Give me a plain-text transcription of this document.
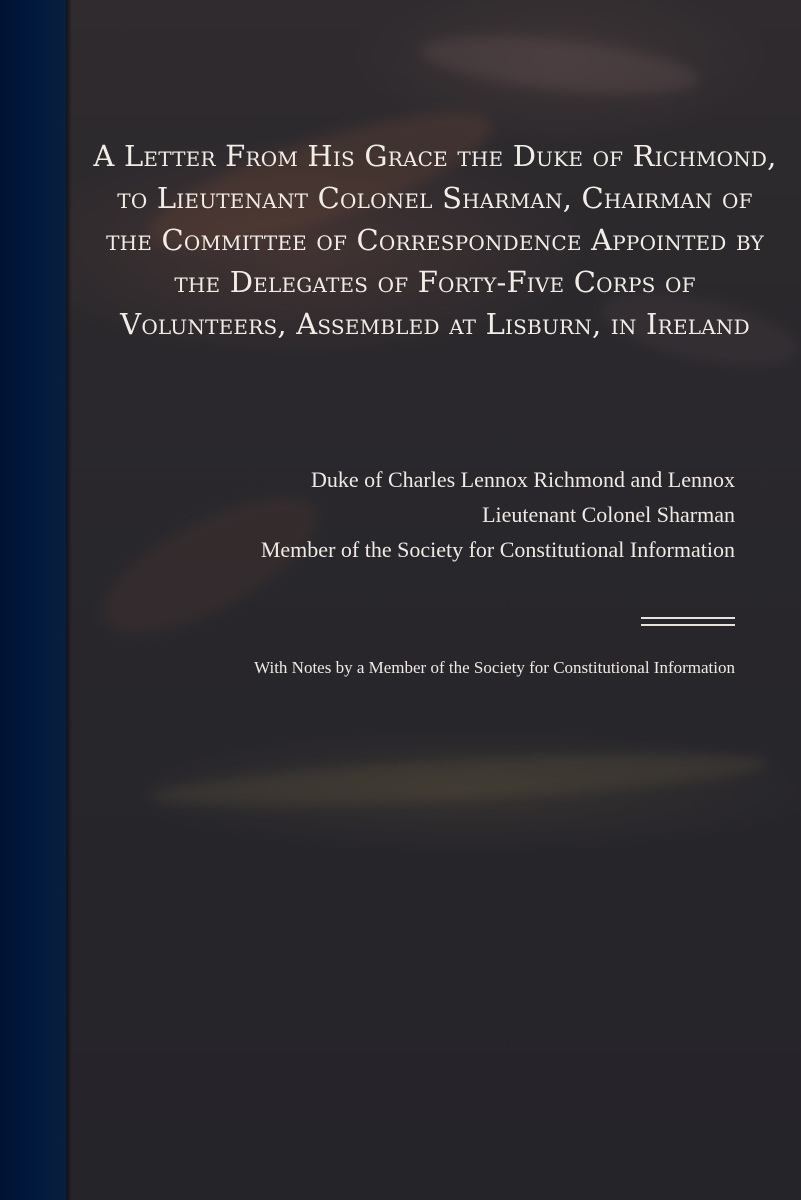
A Letter From His Grace the Duke of Richmond, to Lieutenant Colonel Sharman, Chairman of the Committee of Correspondence Appointed by the Delegates of Forty-Five Corps of Volunteers, Assembled at Lisburn, in Ireland
Duke of Charles Lennox Richmond and Lennox
Lieutenant Colonel Sharman
Member of the Society for Constitutional Information

With Notes by a Member of the Society for Constitutional Information
